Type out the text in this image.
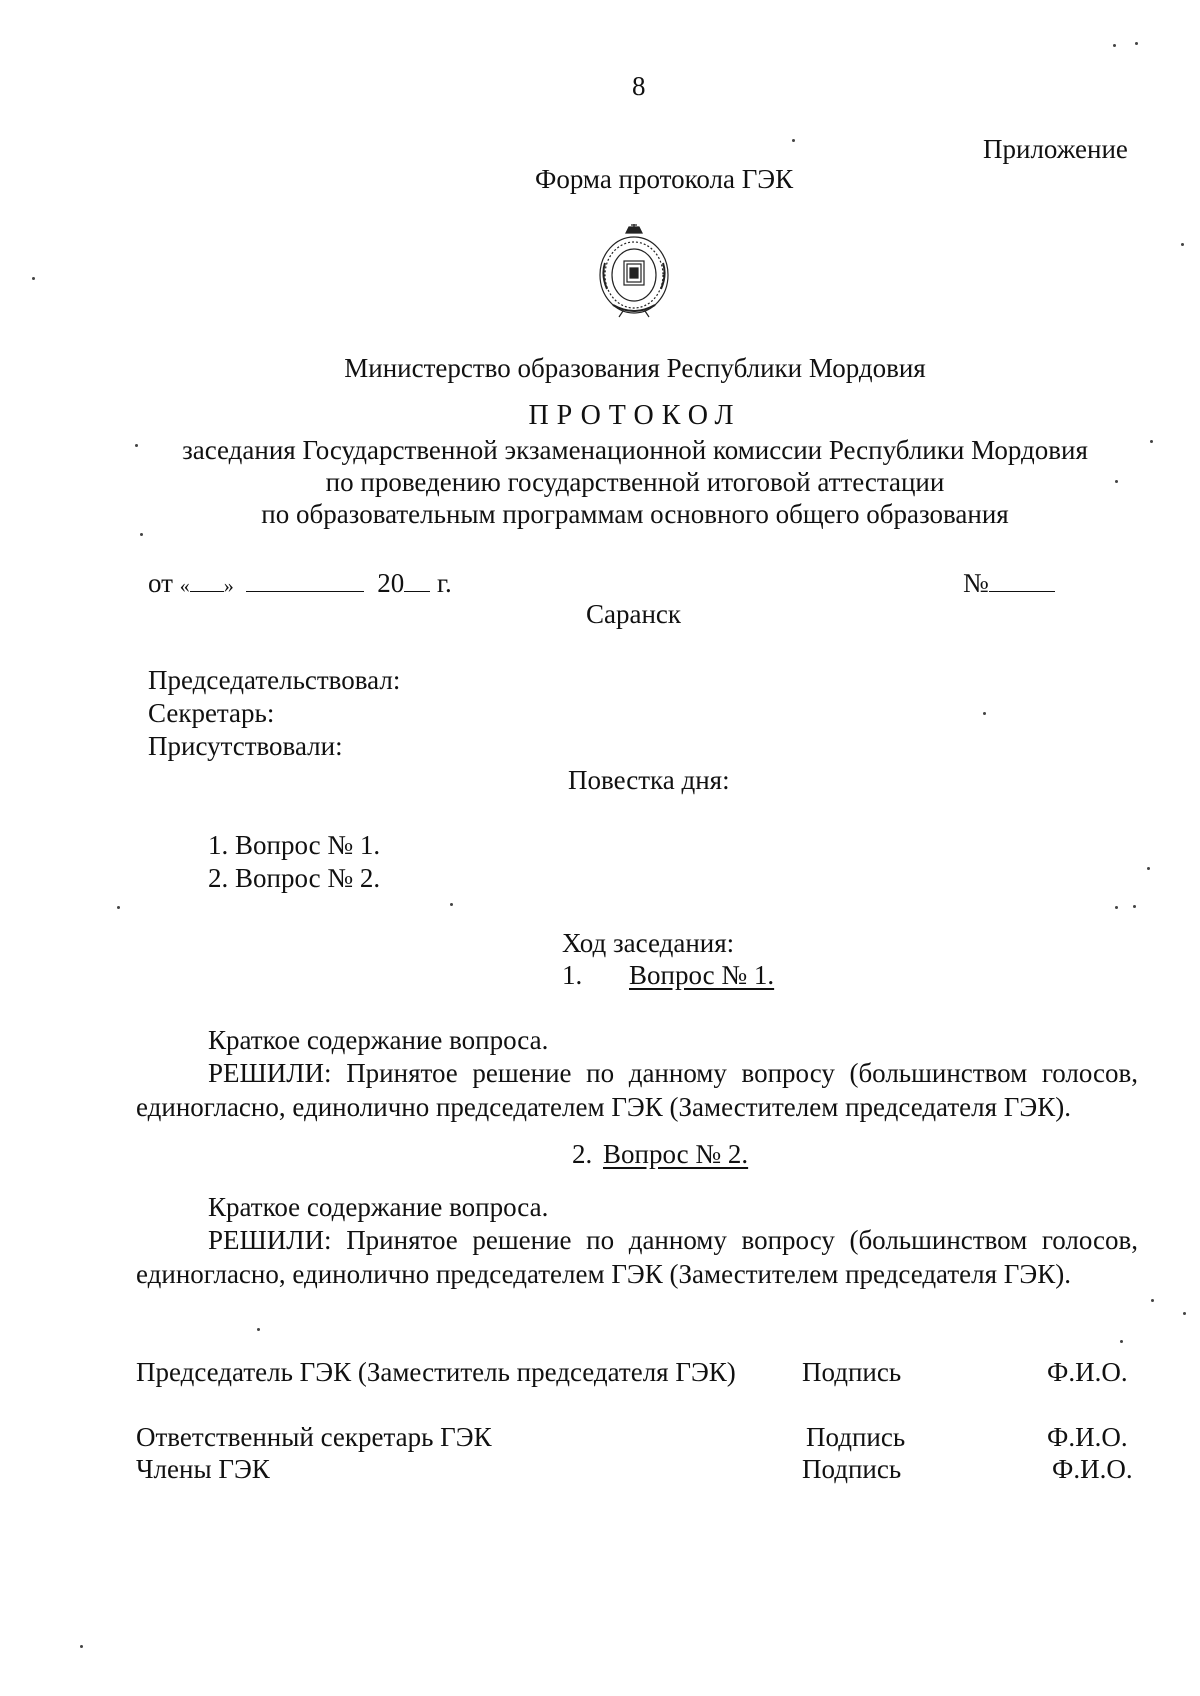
8
Приложение
Форма протокола ГЭК
Министерство образования Республики Мордовия
ПРОТОКОЛ
заседания Государственной экзаменационной комиссии Республики Мордовия
по проведению государственной итоговой аттестации
по образовательным программам основного общего образования
от « »	20 г.	№
Саранск
Председательствовал:
Секретарь:
Присутствовали:
Повестка дня:
1. Вопрос № 1.
2. Вопрос № 2.
Ход заседания:
1. Вопрос № 1.
Краткое содержание вопроса.
РЕШИЛИ: Принятое решение по данному вопросу (большинством голосов, единогласно, единолично председателем ГЭК (Заместителем председателя ГЭК).
2. Вопрос № 2.
Краткое содержание вопроса.
РЕШИЛИ: Принятое решение по данному вопросу (большинством голосов, единогласно, единолично председателем ГЭК (Заместителем председателя ГЭК).
Председатель ГЭК (Заместитель председателя ГЭК) Подпись	Ф.И.О.
Ответственный секретарь ГЭК	Подпись	Ф.И.О.
Члены ГЭК	Подпись	Ф.И.О.
